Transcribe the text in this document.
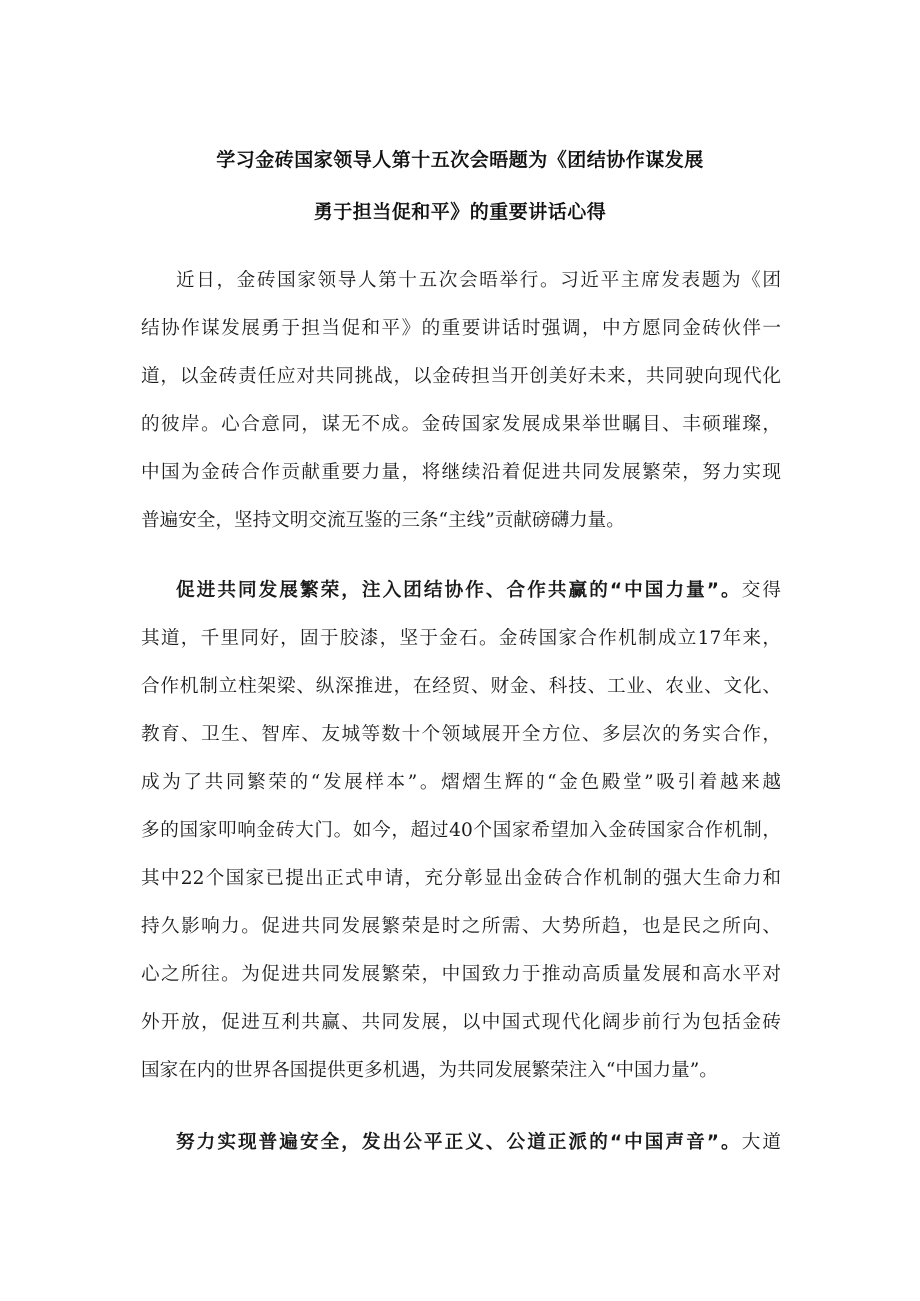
学习金砖国家领导人第十五次会晤题为《团结协作谋发展
勇于担当促和平》的重要讲话心得
近日，金砖国家领导人第十五次会晤举行。习近平主席发表题为《团
结协作谋发展勇于担当促和平》的重要讲话时强调，中方愿同金砖伙伴一
道，以金砖责任应对共同挑战，以金砖担当开创美好未来，共同驶向现代化
的彼岸。心合意同，谋无不成。金砖国家发展成果举世瞩目、丰硕璀璨，
中国为金砖合作贡献重要力量，将继续沿着促进共同发展繁荣，努力实现
普遍安全，坚持文明交流互鉴的三条“主线”贡献磅礴力量。
促进共同发展繁荣，注入团结协作、合作共赢的“中国力量”。交得
其道，千里同好，固于胶漆，坚于金石。金砖国家合作机制成立17年来，
合作机制立柱架梁、纵深推进，在经贸、财金、科技、工业、农业、文化、
教育、卫生、智库、友城等数十个领域展开全方位、多层次的务实合作，
成为了共同繁荣的“发展样本”。熠熠生辉的“金色殿堂”吸引着越来越
多的国家叩响金砖大门。如今，超过40个国家希望加入金砖国家合作机制，
其中22个国家已提出正式申请，充分彰显出金砖合作机制的强大生命力和
持久影响力。促进共同发展繁荣是时之所需、大势所趋，也是民之所向、
心之所往。为促进共同发展繁荣，中国致力于推动高质量发展和高水平对
外开放，促进互利共赢、共同发展，以中国式现代化阔步前行为包括金砖
国家在内的世界各国提供更多机遇，为共同发展繁荣注入“中国力量”。
努力实现普遍安全，发出公平正义、公道正派的“中国声音”。大道
